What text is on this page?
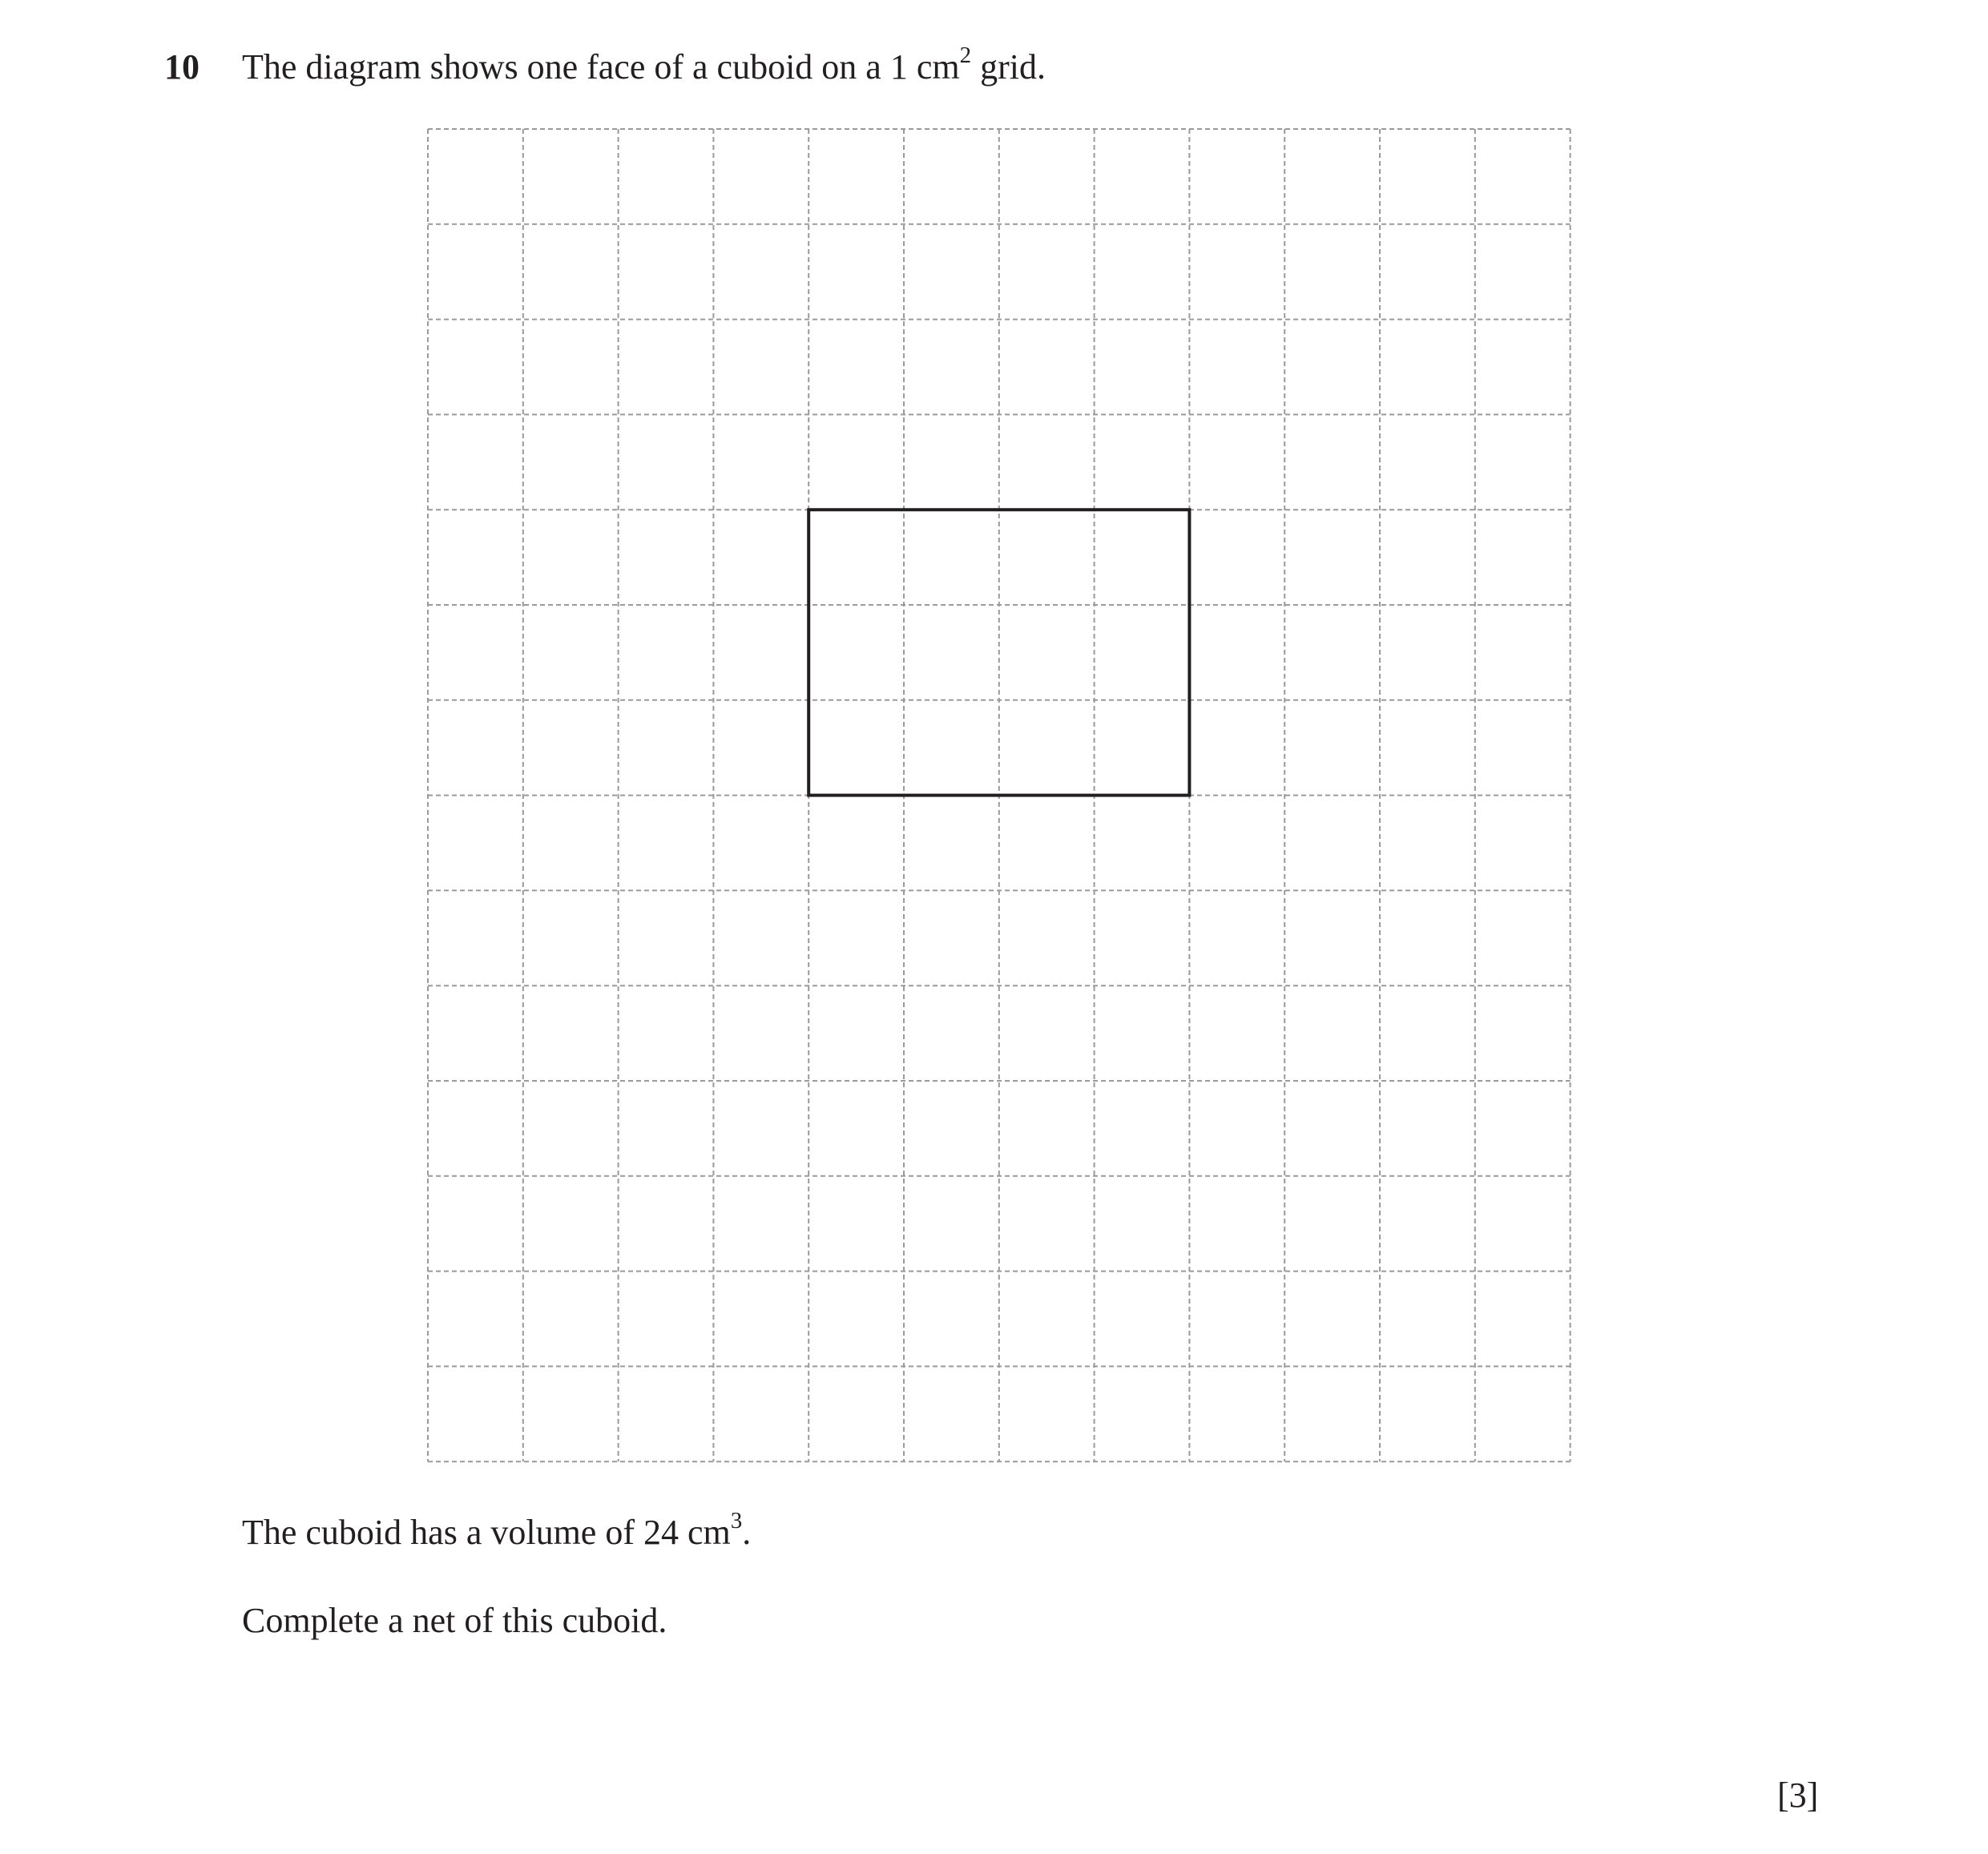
10 The diagram shows one face of a cuboid on a 1 $cm^2$ grid.
The cuboid has a volume of 24 $cm^3$.
Complete a net of this cuboid.
[3]
